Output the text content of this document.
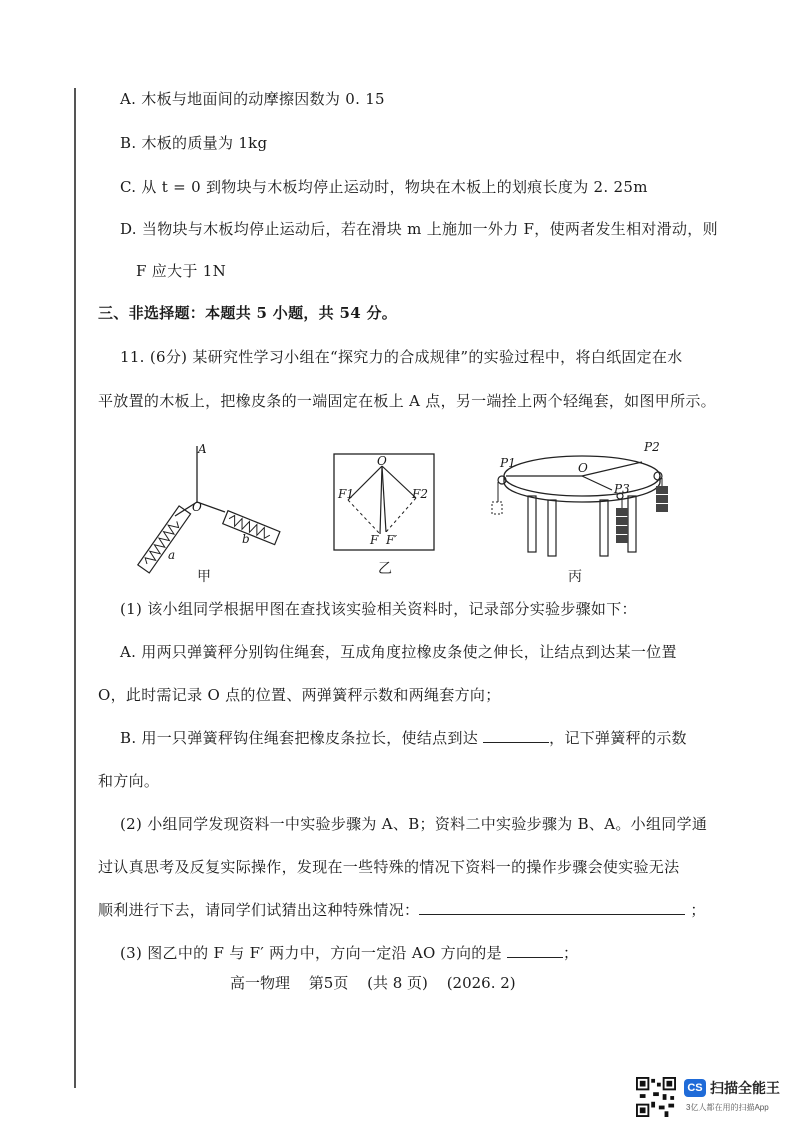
A. 木板与地面间的动摩擦因数为 0. 15
B. 木板的质量为 1kg
C. 从 t = 0 到物块与木板均停止运动时，物块在木板上的划痕长度为 2. 25m
D. 当物块与木板均停止运动后，若在滑块 m 上施加一外力 F，使两者发生相对滑动，则
F 应大于 1N
三、非选择题：本题共 5 小题，共 54 分。
11. (6分) 某研究性学习小组在“探究力的合成规律”的实验过程中，将白纸固定在水
平放置的木板上，把橡皮条的一端固定在板上 A 点，另一端拴上两个轻绳套，如图甲所示。
A
O
a
b
甲
O
F1	F2
F F′
乙
P1	O
P2
P3
丙
(1) 该小组同学根据甲图在查找该实验相关资料时，记录部分实验步骤如下：
A. 用两只弹簧秤分别钩住绳套，互成角度拉橡皮条使之伸长，让结点到达某一位置
O，此时需记录 O 点的位置、两弹簧秤示数和两绳套方向；
B. 用一只弹簧秤钩住绳套把橡皮条拉长，使结点到达	，记下弹簧秤的示数
和方向。
(2) 小组同学发现资料一中实验步骤为 A、B；资料二中实验步骤为 B、A。小组同学通
过认真思考及反复实际操作，发现在一些特殊的情况下资料一的操作步骤会使实验无法
顺利进行下去，请同学们试猜出这种特殊情况：	；
(3) 图乙中的 F 与 F′ 两力中，方向一定沿 AO 方向的是	；
高一物理 第5页 (共 8 页) (2026. 2)
CS 扫描全能王
3亿人都在用的扫描App
